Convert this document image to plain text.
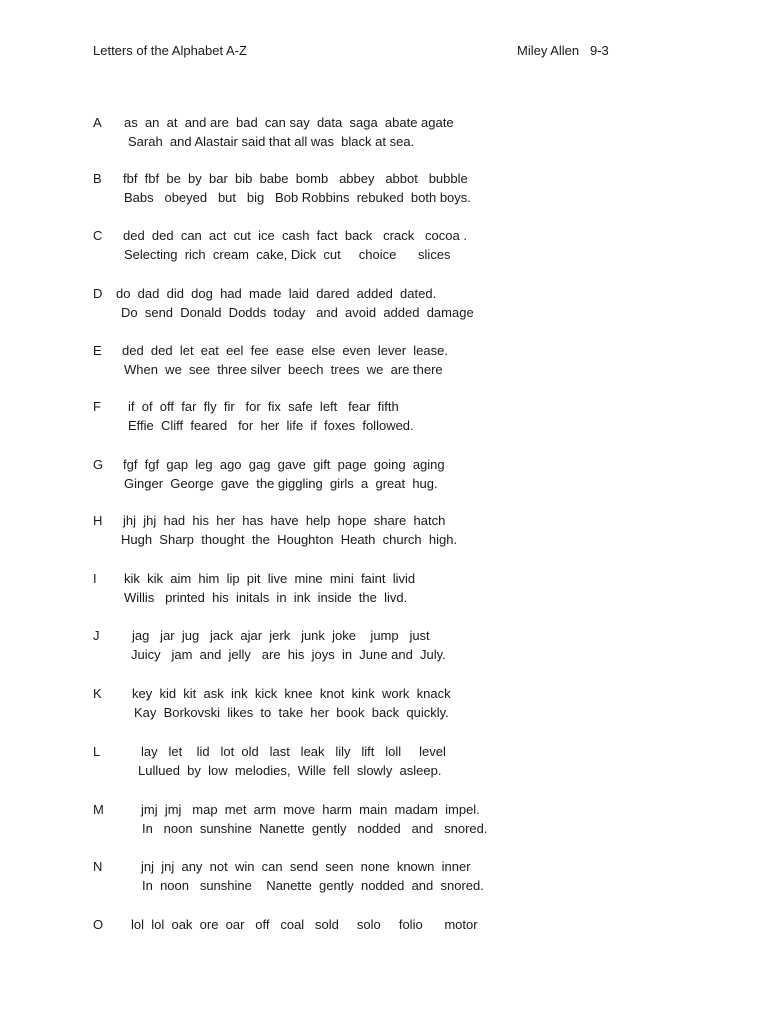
Letters of the Alphabet A-Z	Miley Allen   9-3
A as  an  at  and are  bad  can say  data  saga  abate agate
Sarah  and Alastair said that all was  black at sea.
B fbf  fbf  be  by  bar  bib  babe  bomb   abbey   abbot   bubble
Babs   obeyed   but   big   Bob Robbins  rebuked  both boys.
C ded  ded  can  act  cut  ice  cash  fact  back   crack   cocoa .
Selecting  rich  cream  cake, Dick  cut     choice      slices
D do  dad  did  dog  had  made  laid  dared  added  dated.
Do  send  Donald  Dodds  today   and  avoid  added  damage
E ded  ded  let  eat  eel  fee  ease  else  even  lever  lease.
When  we  see  three silver  beech  trees  we  are there
F if  of  off  far  fly  fir   for  fix  safe  left   fear  fifth
Effie  Cliff  feared   for  her  life  if  foxes  followed.
G fgf  fgf  gap  leg  ago  gag  gave  gift  page  going  aging
Ginger  George  gave  the giggling  girls  a  great  hug.
H jhj  jhj  had  his  her  has  have  help  hope  share  hatch
Hugh  Sharp  thought  the  Houghton  Heath  church  high.
I kik  kik  aim  him  lip  pit  live  mine  mini  faint  livid
Willis   printed  his  initals  in  ink  inside  the  livd.
J	jag   jar  jug   jack  ajar  jerk   junk  joke    jump   just
Juicy   jam  and  jelly   are  his  joys  in  June and  July.
K key  kid  kit  ask  ink  kick  knee  knot  kink  work  knack
Kay  Borkovski  likes  to  take  her  book  back  quickly.
L	lay   let    lid   lot  old   last   leak   lily   lift   loll     level
Lullued  by  low  melodies,  Wille  fell  slowly  asleep.
M	jmj  jmj   map  met  arm  move  harm  main  madam  impel.
In   noon  sunshine  Nanette  gently   nodded   and   snored.
N	jnj  jnj  any  not  win  can  send  seen  none  known  inner
In  noon   sunshine    Nanette  gently  nodded  and  snored.
O lol  lol  oak  ore  oar   off   coal   sold     solo     folio      motor
